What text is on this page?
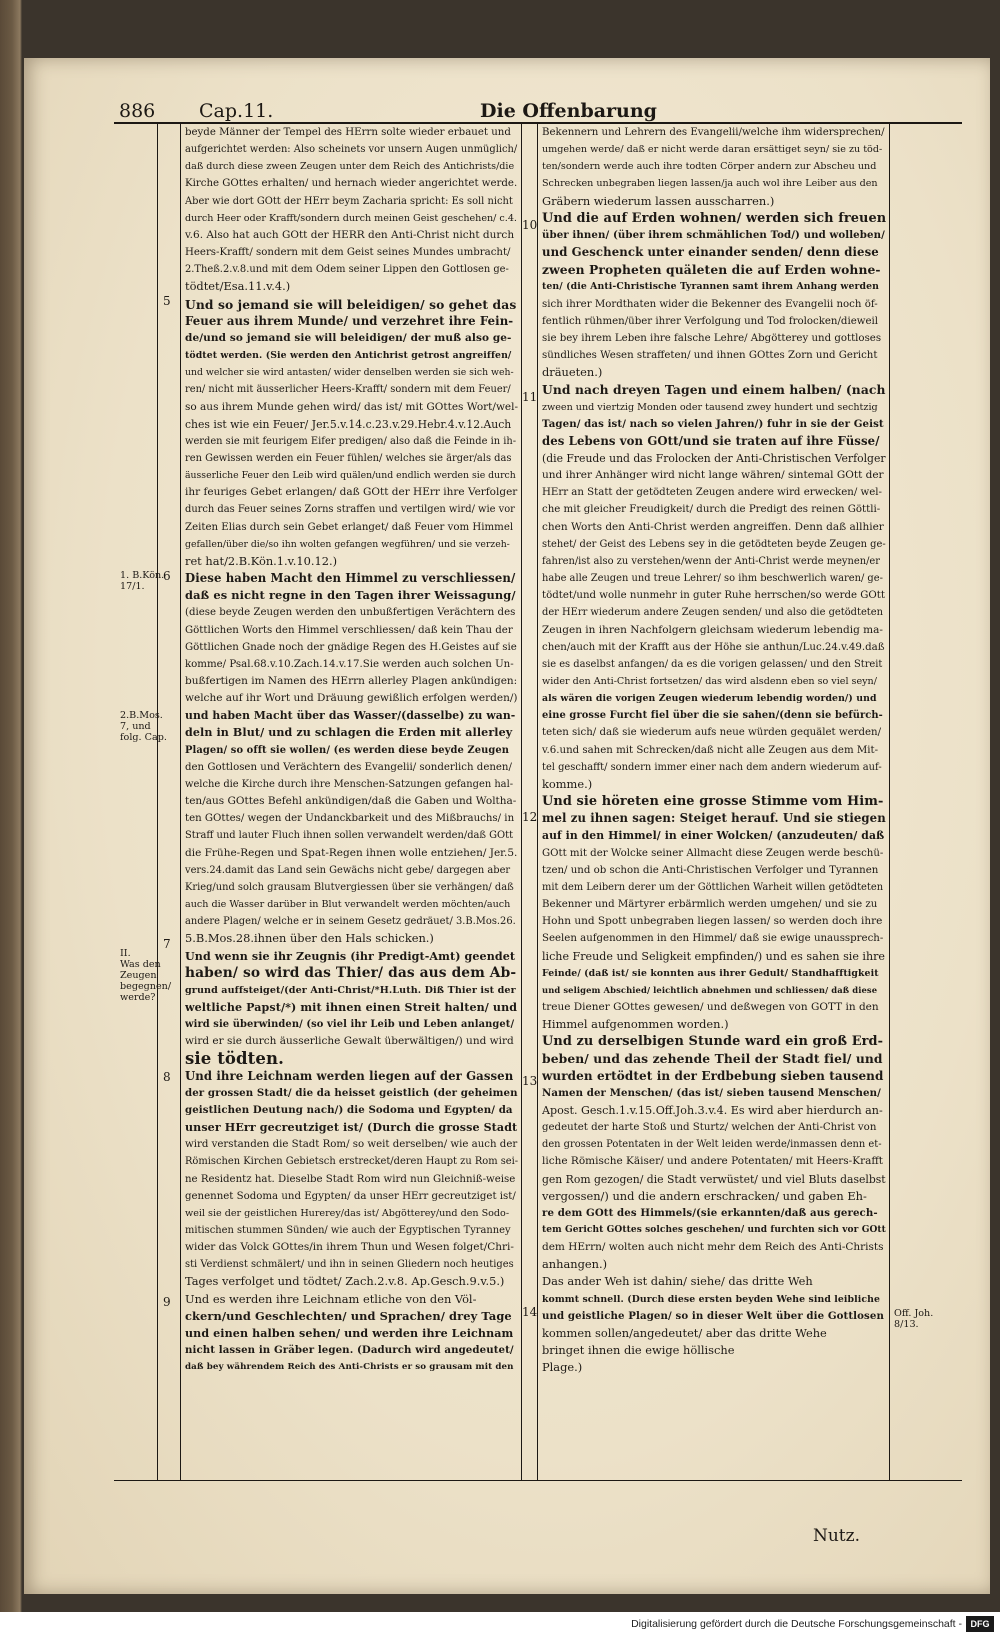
886 Cap.11.	Die Offenbarung
5
6
7
8
9
10
11
12
13
14
1. B.Kön.
17/1.
2.B.Mos.
7, und
folg. Cap.
II.
Was den
Zeugen
begegnen/
werde?
Off. Joh.
8/13.

beyde Männer der Tempel des HErrn solte wieder erbauet und

aufgerichtet werden: Also scheinets vor unsern Augen unmüglich/

daß durch diese zween Zeugen unter dem Reich des Antichrists/die

Kirche GOttes erhalten/ und hernach wieder angerichtet werde.

Aber wie dort GOtt der HErr beym Zacharia spricht: Es soll nicht

durch Heer oder Krafft/sondern durch meinen Geist geschehen/ c.4.

v.6. Also hat auch GOtt der HERR den Anti-Christ nicht durch

Heers-Krafft/ sondern mit dem Geist seines Mundes umbracht/

2.Theß.2.v.8.und mit dem Odem seiner Lippen den Gottlosen ge-

tödtet/Esa.11.v.4.)

Und so jemand sie will beleidigen/ so gehet das

Feuer aus ihrem Munde/ und verzehret ihre Fein-

de/und so jemand sie will beleidigen/ der muß also ge-

tödtet werden. (Sie werden den Antichrist getrost angreiffen/

und welcher sie wird antasten/ wider denselben werden sie sich weh-

ren/ nicht mit äusserlicher Heers-Krafft/ sondern mit dem Feuer/

so aus ihrem Munde gehen wird/ das ist/ mit GOttes Wort/wel-

ches ist wie ein Feuer/ Jer.5.v.14.c.23.v.29.Hebr.4.v.12.Auch

werden sie mit feurigem Eifer predigen/ also daß die Feinde in ih-

ren Gewissen werden ein Feuer fühlen/ welches sie ärger/als das

äusserliche Feuer den Leib wird quälen/und endlich werden sie durch

ihr feuriges Gebet erlangen/ daß GOtt der HErr ihre Verfolger

durch das Feuer seines Zorns straffen und vertilgen wird/ wie vor

Zeiten Elias durch sein Gebet erlanget/ daß Feuer vom Himmel

gefallen/über die/so ihn wolten gefangen wegführen/ und sie verzeh-

ret hat/2.B.Kön.1.v.10.12.)

Diese haben Macht den Himmel zu verschliessen/

daß es nicht regne in den Tagen ihrer Weissagung/

(diese beyde Zeugen werden den unbußfertigen Verächtern des

Göttlichen Worts den Himmel verschliessen/ daß kein Thau der

Göttlichen Gnade noch der gnädige Regen des H.Geistes auf sie

komme/ Psal.68.v.10.Zach.14.v.17.Sie werden auch solchen Un-

bußfertigen im Namen des HErrn allerley Plagen ankündigen:

welche auf ihr Wort und Dräuung gewißlich erfolgen werden/)

und haben Macht über das Wasser/(dasselbe) zu wan-

deln in Blut/ und zu schlagen die Erden mit allerley

Plagen/ so offt sie wollen/ (es werden diese beyde Zeugen

den Gottlosen und Verächtern des Evangelii/ sonderlich denen/

welche die Kirche durch ihre Menschen-Satzungen gefangen hal-

ten/aus GOttes Befehl ankündigen/daß die Gaben und Woltha-

ten GOttes/ wegen der Undanckbarkeit und des Mißbrauchs/ in

Straff und lauter Fluch ihnen sollen verwandelt werden/daß GOtt

die Frühe-Regen und Spat-Regen ihnen wolle entziehen/ Jer.5.

vers.24.damit das Land sein Gewächs nicht gebe/ dargegen aber

Krieg/und solch grausam Blutvergiessen über sie verhängen/ daß

auch die Wasser darüber in Blut verwandelt werden möchten/auch

andere Plagen/ welche er in seinem Gesetz gedräuet/ 3.B.Mos.26.

5.B.Mos.28.ihnen über den Hals schicken.)

Und wenn sie ihr Zeugnis (ihr Predigt-Amt) geendet

haben/ so wird das Thier/ das aus dem Ab-

grund auffsteiget/(der Anti-Christ/*H.Luth. Diß Thier ist der

weltliche Papst/*) mit ihnen einen Streit halten/ und

wird sie überwinden/ (so viel ihr Leib und Leben anlanget/

wird er sie durch äusserliche Gewalt überwältigen/) und wird

sie tödten.

Und ihre Leichnam werden liegen auf der Gassen

der grossen Stadt/ die da heisset geistlich (der geheimen

geistlichen Deutung nach/) die Sodoma und Egypten/ da

unser HErr gecreutziget ist/ (Durch die grosse Stadt

wird verstanden die Stadt Rom/ so weit derselben/ wie auch der

Römischen Kirchen Gebietsch erstrecket/deren Haupt zu Rom sei-

ne Residentz hat. Dieselbe Stadt Rom wird nun Gleichniß-weise

genennet Sodoma und Egypten/ da unser HErr gecreutziget ist/

weil sie der geistlichen Hurerey/das ist/ Abgötterey/und den Sodo-

mitischen stummen Sünden/ wie auch der Egyptischen Tyranney

wider das Volck GOttes/in ihrem Thun und Wesen folget/Chri-

sti Verdienst schmälert/ und ihn in seinen Gliedern noch heutiges

Tages verfolget und tödtet/ Zach.2.v.8. Ap.Gesch.9.v.5.)

Und es werden ihre Leichnam etliche von den Völ-

ckern/und Geschlechten/ und Sprachen/ drey Tage

und einen halben sehen/ und werden ihre Leichnam

nicht lassen in Gräber legen. (Dadurch wird angedeutet/

daß bey währendem Reich des Anti-Christs er so grausam mit den

Bekennern und Lehrern des Evangelii/welche ihm widersprechen/

umgehen werde/ daß er nicht werde daran ersättiget seyn/ sie zu töd-

ten/sondern werde auch ihre todten Cörper andern zur Abscheu und

Schrecken unbegraben liegen lassen/ja auch wol ihre Leiber aus den

Gräbern wiederum lassen ausscharren.)

Und die auf Erden wohnen/ werden sich freuen

über ihnen/ (über ihrem schmählichen Tod/) und wolleben/

und Geschenck unter einander senden/ denn diese

zween Propheten quäleten die auf Erden wohne-

ten/ (die Anti-Christische Tyrannen samt ihrem Anhang werden

sich ihrer Mordthaten wider die Bekenner des Evangelii noch öf-

fentlich rühmen/über ihrer Verfolgung und Tod frolocken/dieweil

sie bey ihrem Leben ihre falsche Lehre/ Abgötterey und gottloses

sündliches Wesen straffeten/ und ihnen GOttes Zorn und Gericht

dräueten.)

Und nach dreyen Tagen und einem halben/ (nach

zween und viertzig Monden oder tausend zwey hundert und sechtzig

Tagen/ das ist/ nach so vielen Jahren/) fuhr in sie der Geist

des Lebens von GOtt/und sie traten auf ihre Füsse/

(die Freude und das Frolocken der Anti-Christischen Verfolger

und ihrer Anhänger wird nicht lange währen/ sintemal GOtt der

HErr an Statt der getödteten Zeugen andere wird erwecken/ wel-

che mit gleicher Freudigkeit/ durch die Predigt des reinen Göttli-

chen Worts den Anti-Christ werden angreiffen. Denn daß allhier

stehet/ der Geist des Lebens sey in die getödteten beyde Zeugen ge-

fahren/ist also zu verstehen/wenn der Anti-Christ werde meynen/er

habe alle Zeugen und treue Lehrer/ so ihm beschwerlich waren/ ge-

tödtet/und wolle nunmehr in guter Ruhe herrschen/so werde GOtt

der HErr wiederum andere Zeugen senden/ und also die getödteten

Zeugen in ihren Nachfolgern gleichsam wiederum lebendig ma-

chen/auch mit der Krafft aus der Höhe sie anthun/Luc.24.v.49.daß

sie es daselbst anfangen/ da es die vorigen gelassen/ und den Streit

wider den Anti-Christ fortsetzen/ das wird alsdenn eben so viel seyn/

als wären die vorigen Zeugen wiederum lebendig worden/) und

eine grosse Furcht fiel über die sie sahen/(denn sie befürch-

teten sich/ daß sie wiederum aufs neue würden gequälet werden/

v.6.und sahen mit Schrecken/daß nicht alle Zeugen aus dem Mit-

tel geschafft/ sondern immer einer nach dem andern wiederum auf-

komme.)

Und sie höreten eine grosse Stimme vom Him-

mel zu ihnen sagen: Steiget herauf. Und sie stiegen

auf in den Himmel/ in einer Wolcken/ (anzudeuten/ daß

GOtt mit der Wolcke seiner Allmacht diese Zeugen werde beschü-

tzen/ und ob schon die Anti-Christischen Verfolger und Tyrannen

mit dem Leibern derer um der Göttlichen Warheit willen getödteten

Bekenner und Märtyrer erbärmlich werden umgehen/ und sie zu

Hohn und Spott unbegraben liegen lassen/ so werden doch ihre

Seelen aufgenommen in den Himmel/ daß sie ewige unaussprech-

liche Freude und Seligkeit empfinden/) und es sahen sie ihre

Feinde/ (daß ist/ sie konnten aus ihrer Gedult/ Standhafftigkeit

und seligem Abschied/ leichtlich abnehmen und schliessen/ daß diese

treue Diener GOttes gewesen/ und deßwegen von GOTT in den

Himmel aufgenommen worden.)

Und zu derselbigen Stunde ward ein groß Erd-

beben/ und das zehende Theil der Stadt fiel/ und

wurden ertödtet in der Erdbebung sieben tausend

Namen der Menschen/ (das ist/ sieben tausend Menschen/

Apost. Gesch.1.v.15.Off.Joh.3.v.4. Es wird aber hierdurch an-

gedeutet der harte Stoß und Sturtz/ welchen der Anti-Christ von

den grossen Potentaten in der Welt leiden werde/inmassen denn et-

liche Römische Käiser/ und andere Potentaten/ mit Heers-Krafft

gen Rom gezogen/ die Stadt verwüstet/ und viel Bluts daselbst

vergossen/) und die andern erschracken/ und gaben Eh-

re dem GOtt des Himmels/(sie erkannten/daß aus gerech-

tem Gericht GOttes solches geschehen/ und furchten sich vor GOtt

dem HErrn/ wolten auch nicht mehr dem Reich des Anti-Christs

anhangen.)

Das ander Weh ist dahin/ siehe/ das dritte Weh

kommt schnell. (Durch diese ersten beyden Wehe sind leibliche

und geistliche Plagen/ so in dieser Welt über die Gottlosen

kommen sollen/angedeutet/ aber das dritte Wehe

bringet ihnen die ewige höllische

Plage.)

Nutz.
Digitalisierung gefördert durch die Deutsche Forschungsgemeinschaft - DFG
